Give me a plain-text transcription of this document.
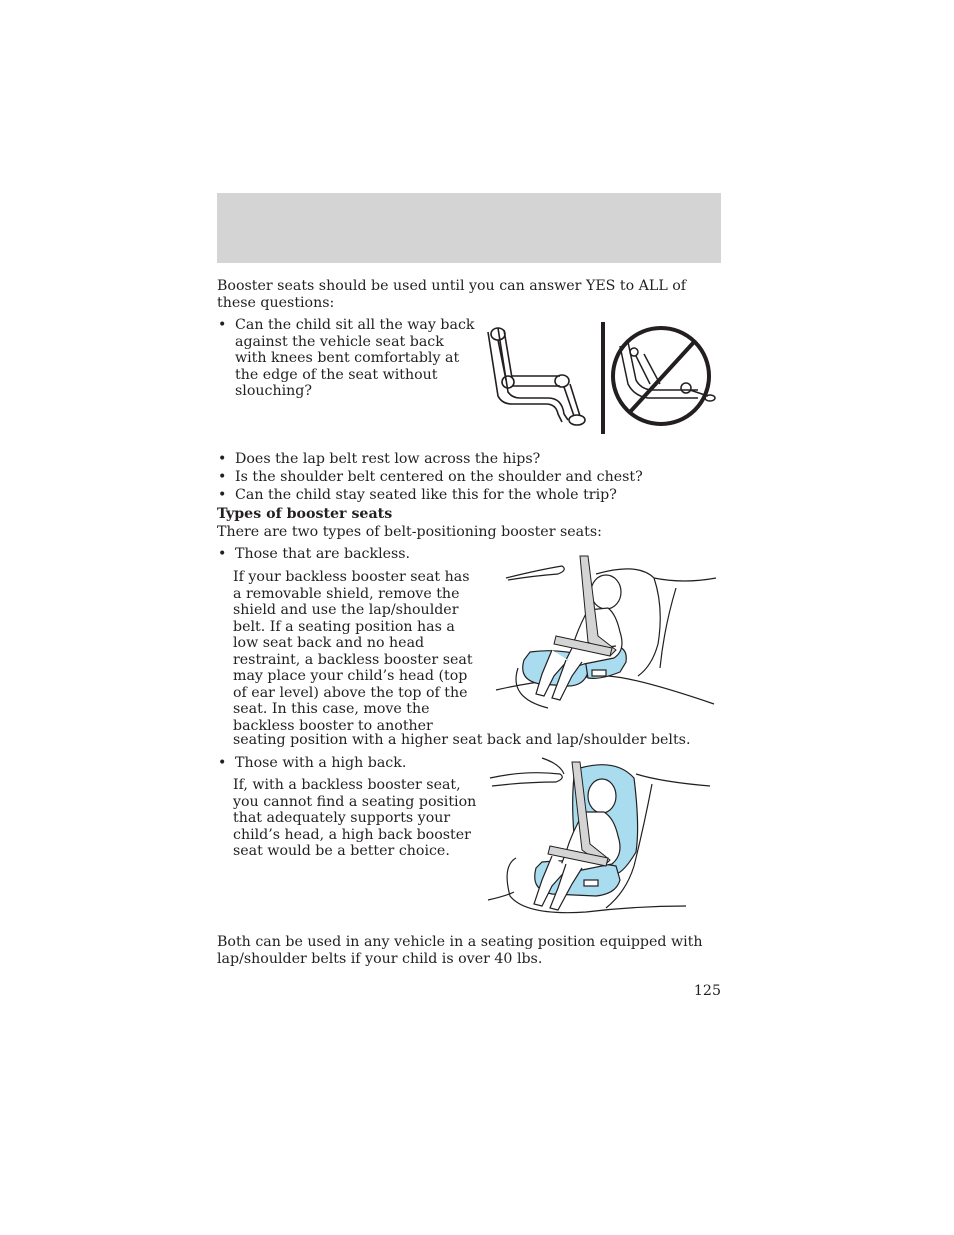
Booster seats should be used until you can answer YES to ALL of these questions:

• Can the child sit all the way back against the vehicle seat back with knees bent comfortably at the edge of the seat without slouching?
• Does the lap belt rest low across the hips?
• Is the shoulder belt centered on the shoulder and chest?
• Can the child stay seated like this for the whole trip?
Types of booster seats

There are two types of belt-positioning booster seats:

• Those that are backless.

If your backless booster seat has a removable shield, remove the shield and use the lap/shoulder belt. If a seating position has a low seat back and no head restraint, a backless booster seat may place your child’s head (top of ear level) above the top of the seat. In this case, move the backless booster to another

seating position with a higher seat back and lap/shoulder belts.

• Those with a high back.

If, with a backless booster seat, you cannot find a seating position that adequately supports your child’s head, a high back booster seat would be a better choice.

Both can be used in any vehicle in a seating position equipped with lap/shoulder belts if your child is over 40 lbs.

125
